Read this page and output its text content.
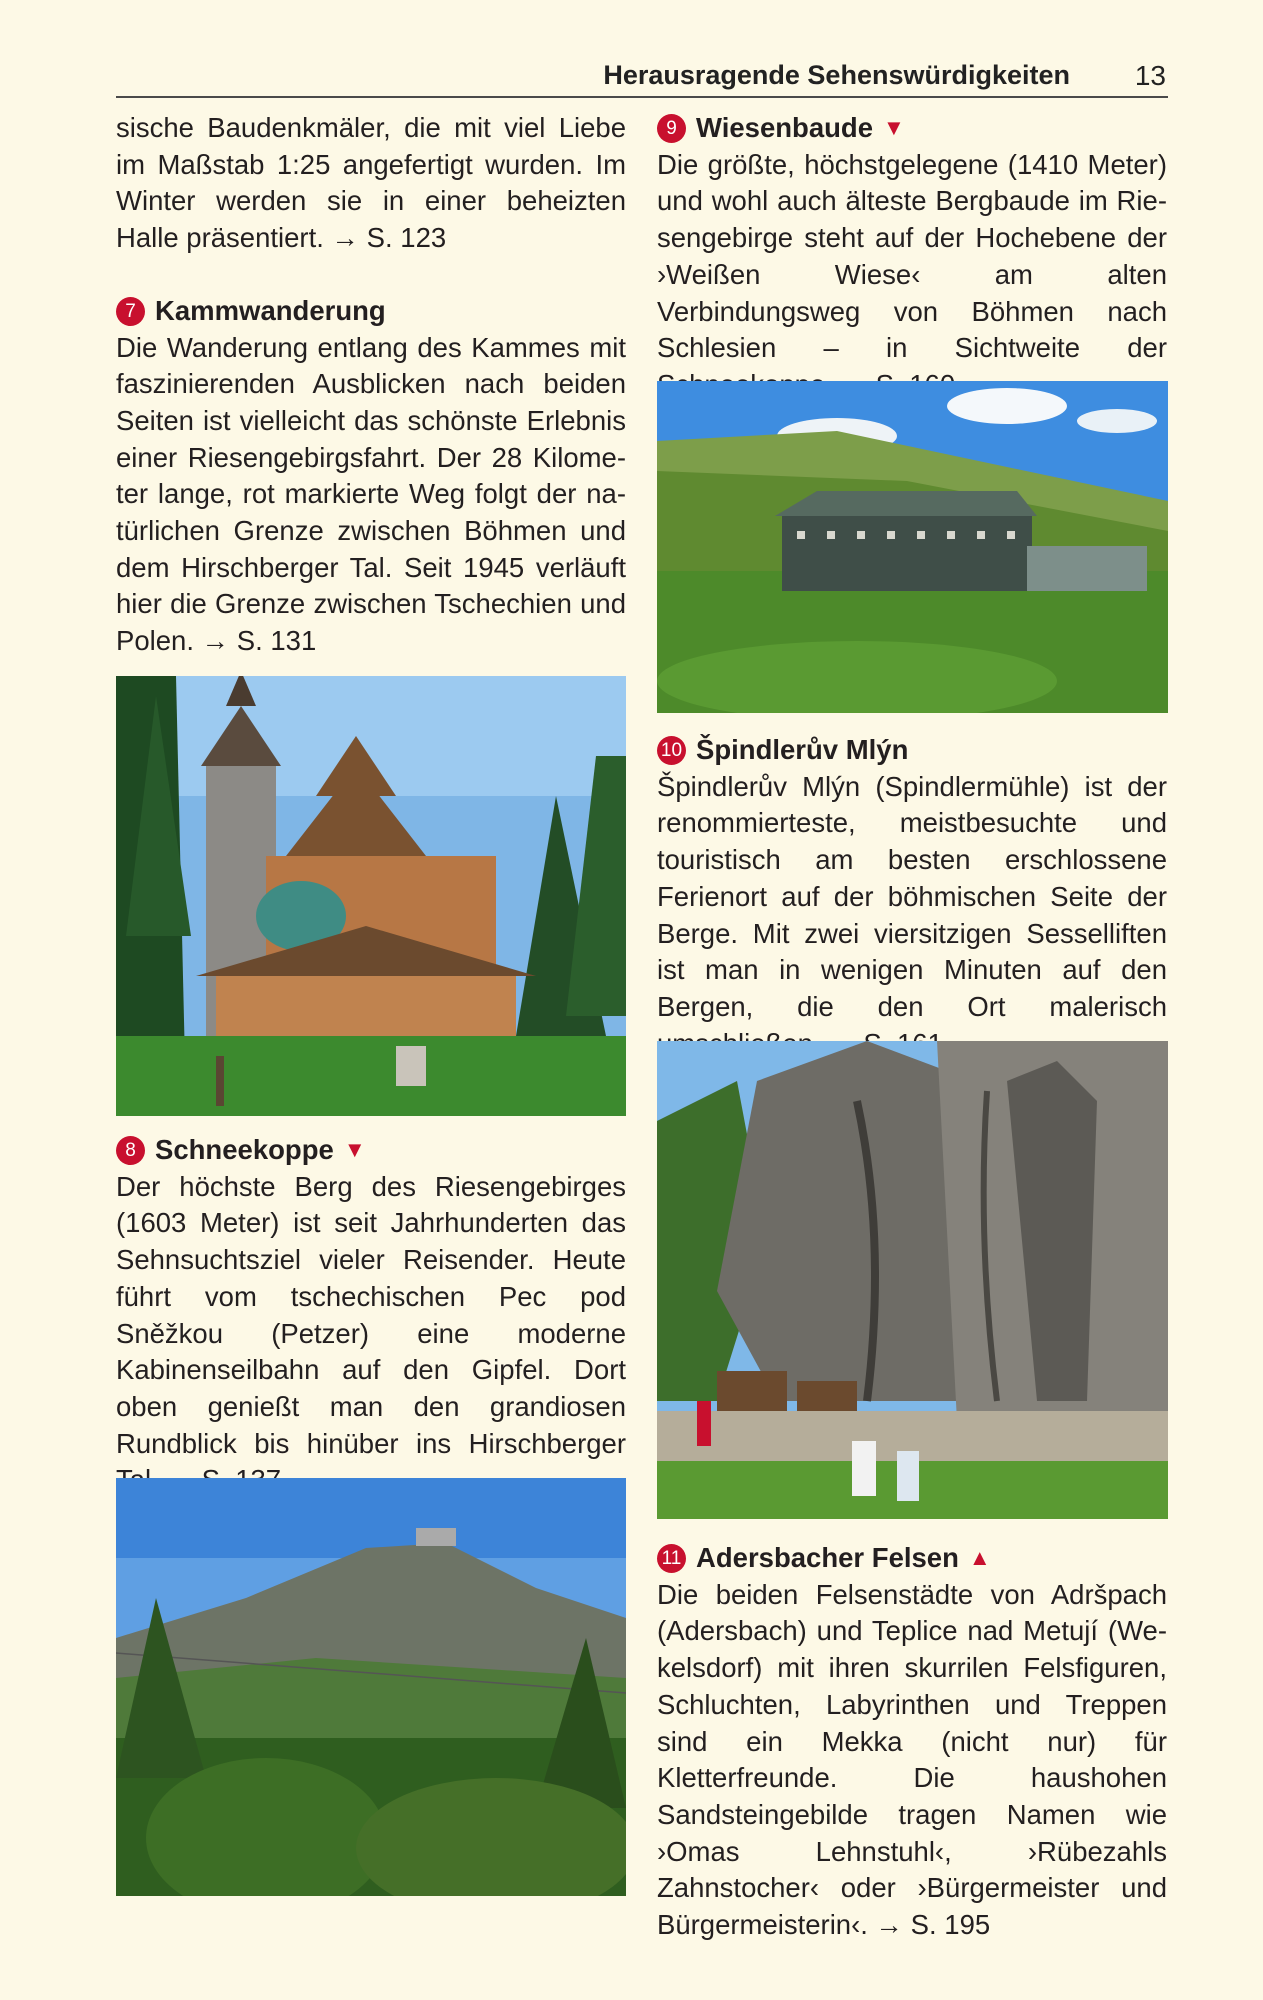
Herausragende Sehenswürdigkeiten 13

sische Baudenkmäler, die mit viel Liebe im Maßstab 1:25 angefertigt wurden. Im Winter werden sie in einer beheizten Halle präsentiert. → S. 123

7 Kammwanderung

Die Wanderung entlang des Kammes mit faszinierenden Ausblicken nach beiden Seiten ist vielleicht das schönste Erlebnis einer Riesengebirgsfahrt. Der 28 Kilometer lange, rot markierte Weg folgt der natürlichen Grenze zwischen Böhmen und dem Hirschberger Tal. Seit 1945 verläuft hier die Grenze zwischen Tschechien und Polen. → S. 131

8 Schneekoppe ▼

Der höchste Berg des Riesengebirges (1603 Meter) ist seit Jahrhunderten das Sehnsuchtsziel vieler Reisender. Heute führt vom tschechischen Pec pod Sněžkou (Petzer) eine moderne Kabinenseilbahn auf den Gipfel. Dort oben genießt man den grandiosen Rundblick bis hinüber ins Hirschberger

9 Wiesenbaude ▼

Die größte, höchstgelegene (1410 Meter) und wohl auch älteste Bergbaude im Riesengebirge steht auf der Hochebene der ›Weißen Wiese‹ am alten Verbindungsweg von Böhmen nach Schlesien – in Sichtweite der

10 Špindlerův Mlýn

Špindlerův Mlýn (Spindlermühle) ist der renommierteste, meistbesuchte und touristisch am besten erschlossene Ferienort auf der böhmischen Seite der Berge. Mit zwei viersitzigen Sesselliften ist man in wenigen Minuten auf den Bergen, die den Ort malerisch

11 Adersbacher Felsen ▲

Die beiden Felsenstädte von Adršpach (Adersbach) und Teplice nad Metují (Wekelsdorf) mit ihren skurrilen Felsfiguren, Schluchten, Labyrinthen und Treppen sind ein Mekka (nicht nur) für Kletterfreunde. Die haushohen Sandsteingebilde tragen Namen wie ›Omas Lehnstuhl‹, ›Rübezahls Zahnstocher‹ oder ›Bürgermeister und Bürgermeisterin‹. → S. 195
